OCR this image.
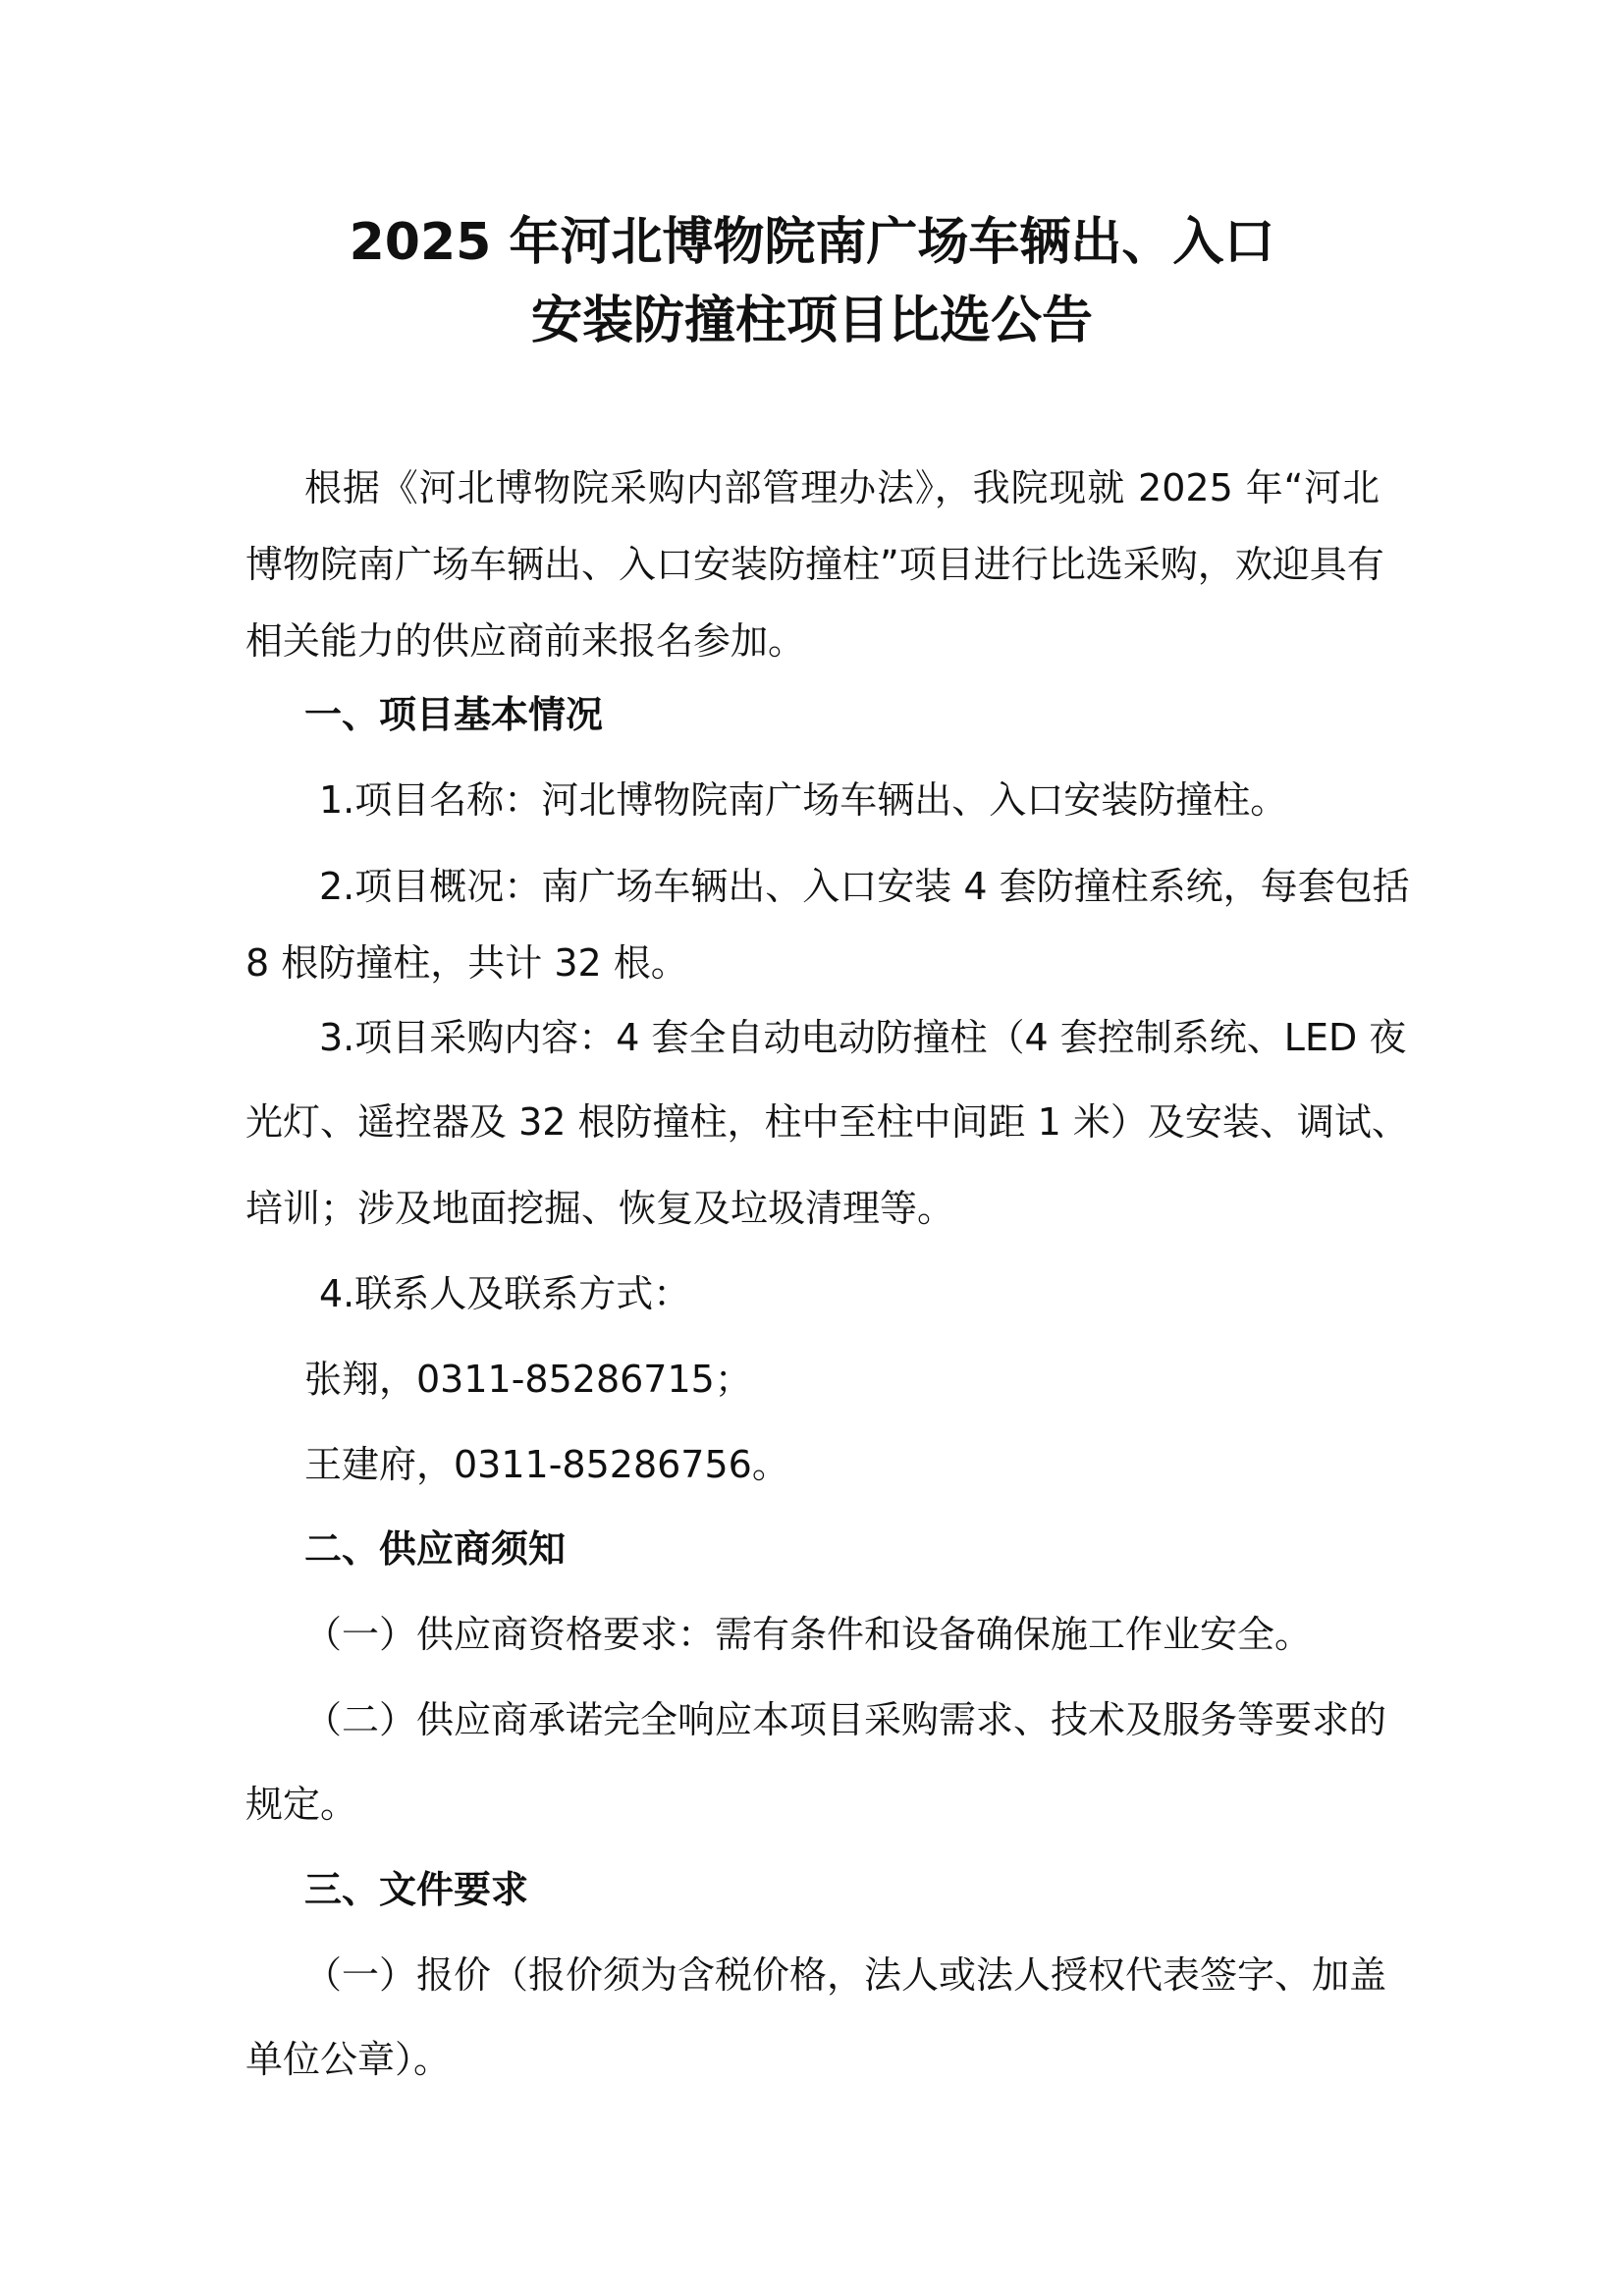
2025 年河北博物院南广场车辆出、入口
安装防撞柱项目比选公告
根据《河北博物院采购内部管理办法》，我院现就 2025 年“河北
博物院南广场车辆出、入口安装防撞柱”项目进行比选采购，欢迎具有
相关能力的供应商前来报名参加。
一、项目基本情况
1.项目名称：河北博物院南广场车辆出、入口安装防撞柱。
2.项目概况：南广场车辆出、入口安装 4 套防撞柱系统，每套包括
8 根防撞柱，共计 32 根。
3.项目采购内容：4 套全自动电动防撞柱（4 套控制系统、LED 夜
光灯、遥控器及 32 根防撞柱，柱中至柱中间距 1 米）及安装、调试、
培训；涉及地面挖掘、恢复及垃圾清理等。
4.联系人及联系方式：
张翔，0311-85286715；
王建府，0311-85286756。
二、供应商须知
（一）供应商资格要求：需有条件和设备确保施工作业安全。
（二）供应商承诺完全响应本项目采购需求、技术及服务等要求的
规定。
三、文件要求
（一）报价（报价须为含税价格，法人或法人授权代表签字、加盖
单位公章）。
